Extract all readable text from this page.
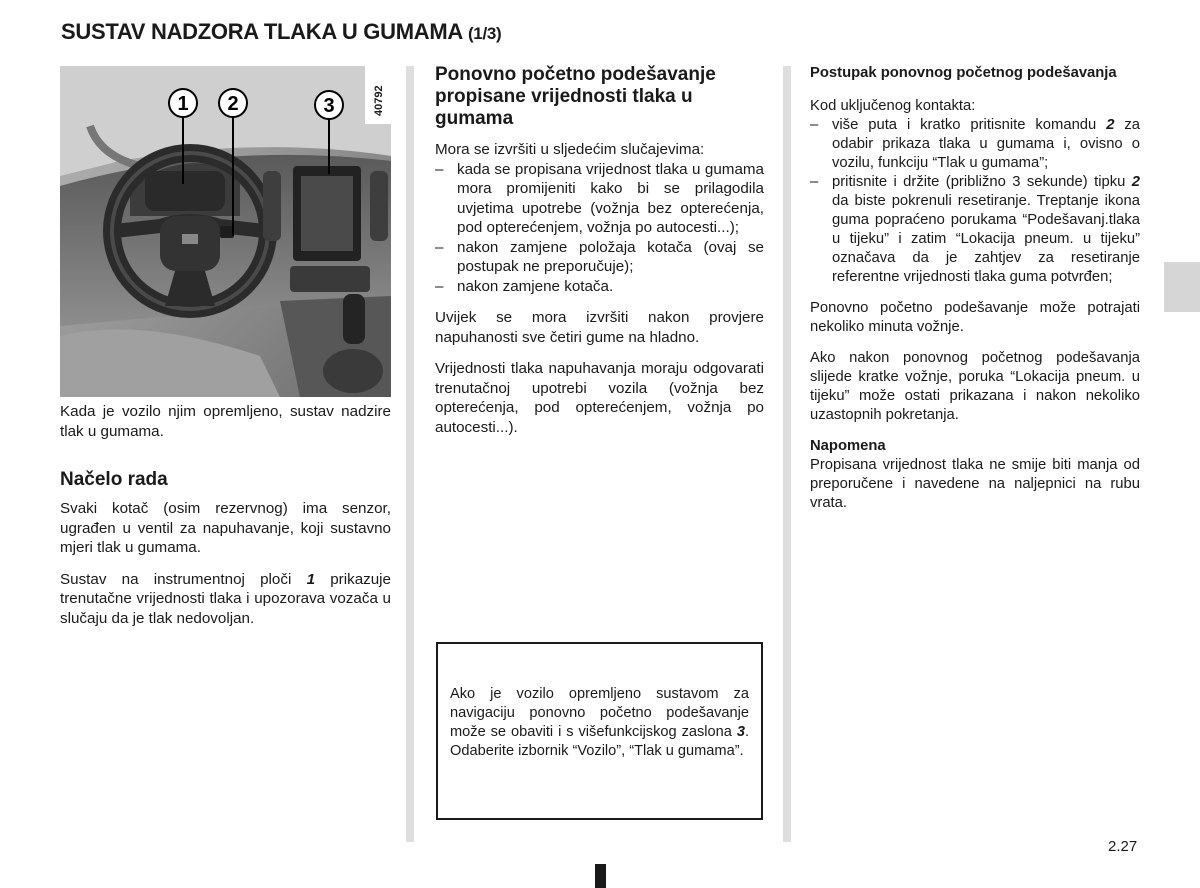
SUSTAV NADZORA TLAKA U GUMAMA (1/3)
40792
1 2	3

Kada je vozilo njim opremljeno, sustav nadzire tlak u gumama.

Načelo rada

Svaki kotač (osim rezervnog) ima senzor, ugrađen u ventil za napuhavanje, koji sustavno mjeri tlak u gumama.

Sustav na instrumentnoj ploči 1 prikazuje trenutačne vrijednosti tlaka i upozorava vozača u slučaju da je tlak nedovoljan.

Ponovno početno podešavanje propisane vrijednosti tlaka u gumama

Mora se izvršiti u sljedećim slučajevima:

– kada se propisana vrijednost tlaka u gumama mora promijeniti kako bi se prilagodila uvjetima upotrebe (vožnja bez opterećenja, pod opterećenjem, vožnja po autocesti...);
– nakon zamjene položaja kotača (ovaj se postupak ne preporučuje);
– nakon zamjene kotača.

Uvijek se mora izvršiti nakon provjere napuhanosti sve četiri gume na hladno.

Vrijednosti tlaka napuhavanja moraju odgovarati trenutačnoj upotrebi vozila (vožnja bez opterećenja, pod opterećenjem, vožnja po autocesti...).

Ako je vozilo opremljeno sustavom za navigaciju ponovno početno podešavanje može se obaviti i s višefunkcijskog zaslona 3. Odaberite izbornik “Vozilo”, “Tlak u gumama”.

Postupak ponovnog početnog podešavanja

Kod uključenog kontakta:

– više puta i kratko pritisnite komandu 2 za odabir prikaza tlaka u gumama i, ovisno o vozilu, funkciju “Tlak u gumama”;
– pritisnite i držite (približno 3 sekunde) tipku 2 da biste pokrenuli resetiranje. Treptanje ikona guma popraćeno porukama “Podešavanj.tlaka u tijeku” i zatim “Lokacija pneum. u tijeku” označava da je zahtjev za resetiranje referentne vrijednosti tlaka guma potvrđen;

Ponovno početno podešavanje može potrajati nekoliko minuta vožnje.

Ako nakon ponovnog početnog podešavanja slijede kratke vožnje, poruka “Lokacija pneum. u tijeku” može ostati prikazana i nakon nekoliko uzastopnih pokretanja.

Napomena

Propisana vrijednost tlaka ne smije biti manja od preporučene i navedene na naljepnici na rubu vrata.

2.27
